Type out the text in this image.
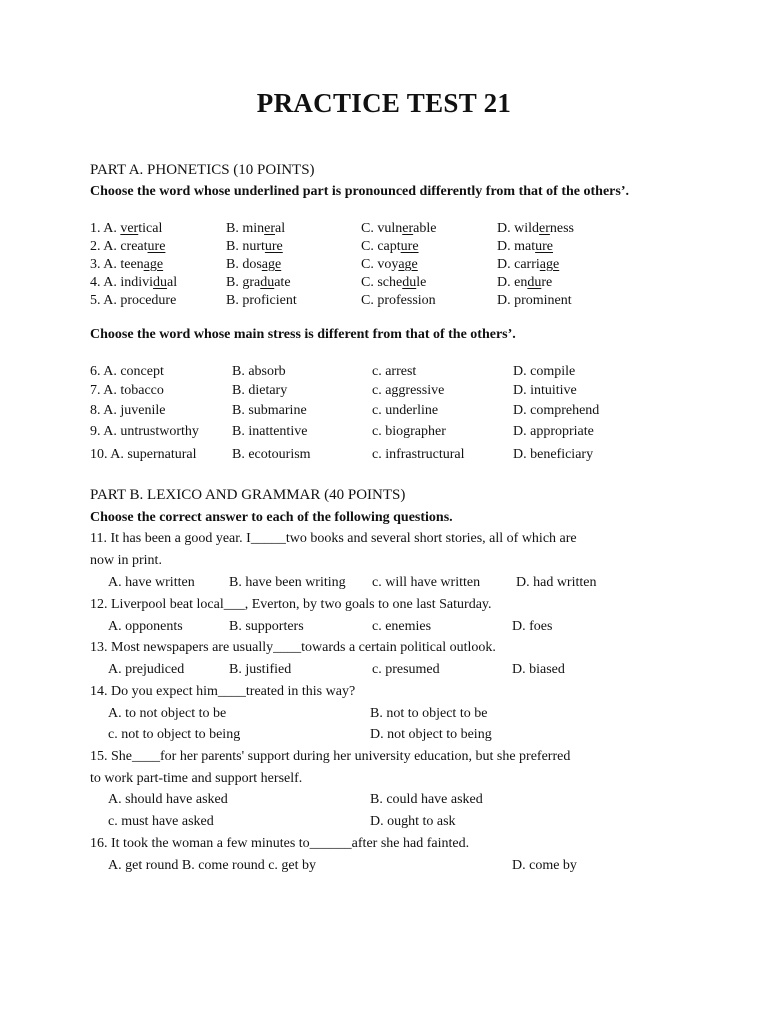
PRACTICE TEST 21
PART A. PHONETICS (10 POINTS)
Choose the word whose underlined part is pronounced differently from that of the others’.
1. A. vertical	B. mineral	C. vulnerable	D. wilderness
2. A. creature	B. nurture	C. capture	D. mature
3. A. teenage	B. dosage	C. voyage	D. carriage
4. A. individual	B. graduate	C. schedule	D. endure
5. A. procedure	B. proficient	C. profession	D. prominent
Choose the word whose main stress is different from that of the others’.
6. A. concept	B. absorb	c. arrest	D. compile
7. A. tobacco	B. dietary	c. aggressive	D. intuitive
8. A. juvenile	B. submarine	c. underline	D. comprehend
9. A. untrustworthy B. inattentive	c. biographer	D. appropriate
10. A. supernatural	B. ecotourism	c. infrastructural	D. beneficiary
PART B. LEXICO AND GRAMMAR (40 POINTS)
Choose the correct answer to each of the following questions.
11. It has been a good year. I_____two books and several short stories, all of which are
now in print.
A. have written B. have been writing c. will have written	D. had written
12. Liverpool beat local___, Everton, by two goals to one last Saturday.
A. opponents	B. supporters	c. enemies	D. foes
13. Most newspapers are usually____towards a certain political outlook.
A. prejudiced	B. justified	c. presumed	D. biased
14. Do you expect him____treated in this way?
A. to not object to be	B. not to object to be
c. not to object to being	D. not object to being
15. She____for her parents' support during her university education, but she preferred
to work part-time and support herself.
A. should have asked	B. could have asked
c. must have asked	D. ought to ask
16. It took the woman a few minutes to______after she had fainted.
A. get round B. come round c. get by	D. come by
